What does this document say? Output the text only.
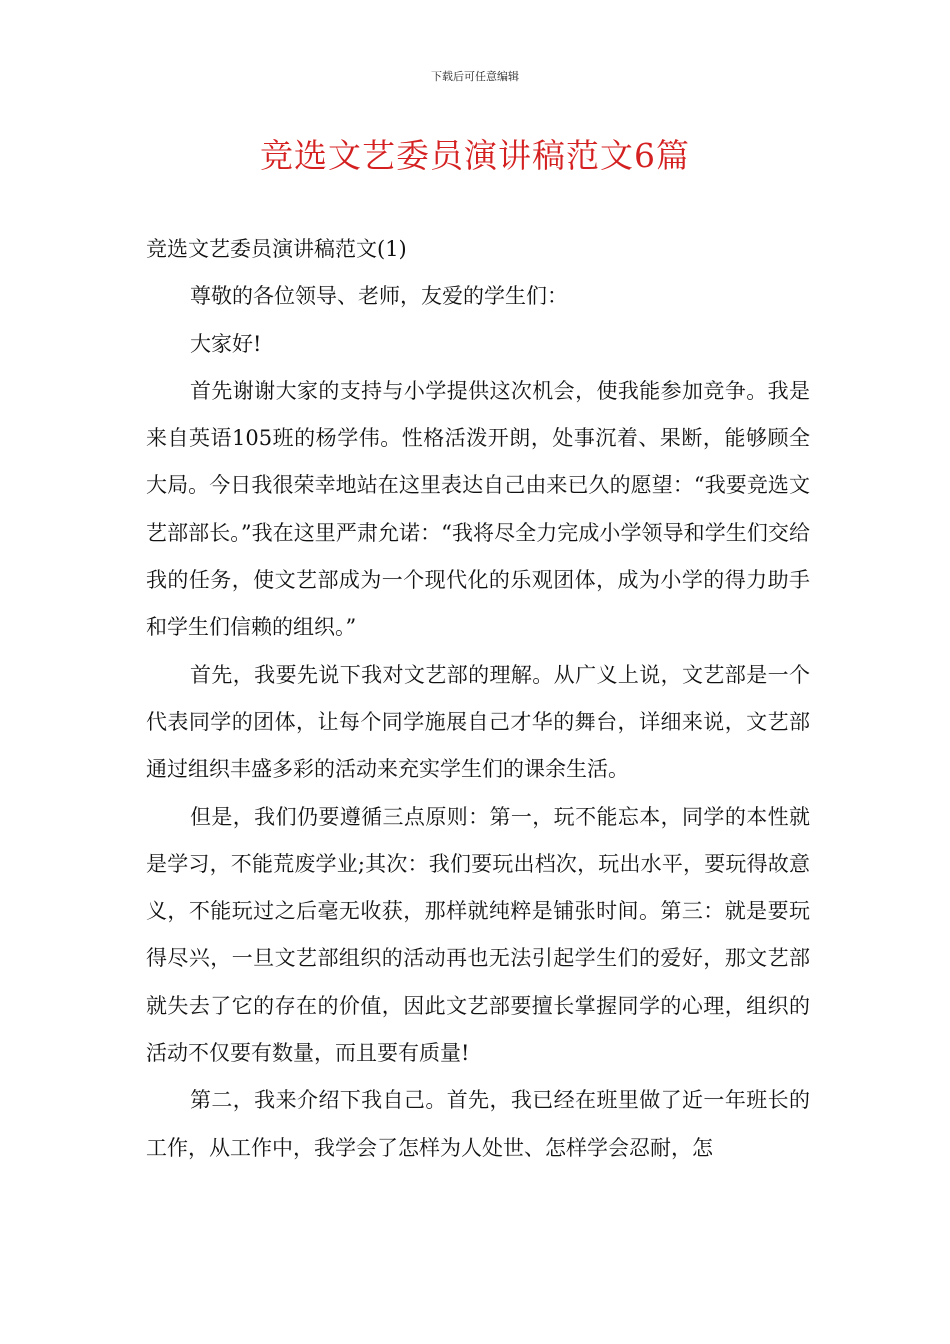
下载后可任意编辑
竞选文艺委员演讲稿范文6篇

竞选文艺委员演讲稿范文(1)

尊敬的各位领导、老师，友爱的学生们：

大家好!

首先谢谢大家的支持与小学提供这次机会，使我能参加竞争。我是来自英语105班的杨学伟。性格活泼开朗，处事沉着、果断，能够顾全大局。今日我很荣幸地站在这里表达自己由来已久的愿望：“我要竞选文艺部部长。”我在这里严肃允诺：“我将尽全力完成小学领导和学生们交给我的任务，使文艺部成为一个现代化的乐观团体，成为小学的得力助手和学生们信赖的组织。”

首先，我要先说下我对文艺部的理解。从广义上说，文艺部是一个代表同学的团体，让每个同学施展自己才华的舞台，详细来说，文艺部通过组织丰盛多彩的活动来充实学生们的课余生活。

但是，我们仍要遵循三点原则：第一，玩不能忘本，同学的本性就是学习，不能荒废学业;其次：我们要玩出档次，玩出水平，要玩得故意义，不能玩过之后毫无收获，那样就纯粹是铺张时间。第三：就是要玩得尽兴，一旦文艺部组织的活动再也无法引起学生们的爱好，那文艺部就失去了它的存在的价值，因此文艺部要擅长掌握同学的心理，组织的活动不仅要有数量，而且要有质量!

第二，我来介绍下我自己。首先，我已经在班里做了近一年班长的工作，从工作中，我学会了怎样为人处世、怎样学会忍耐，怎
